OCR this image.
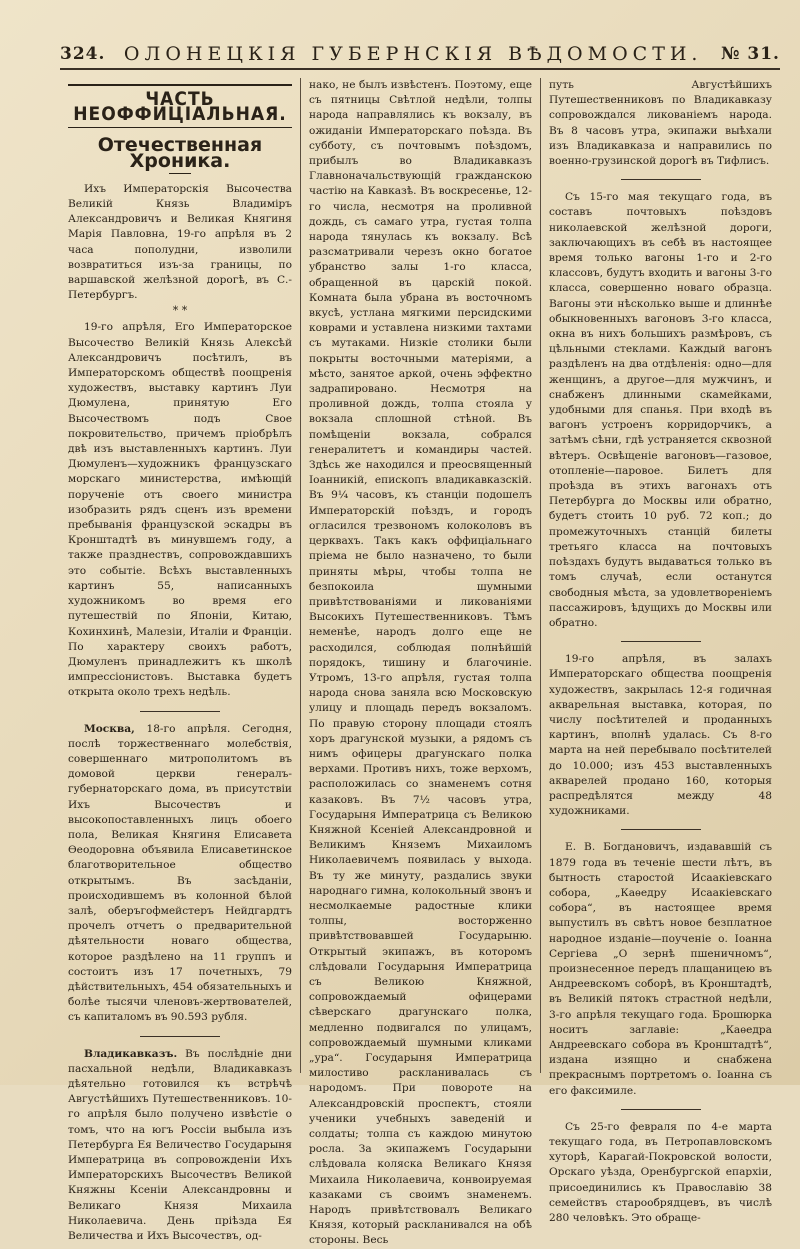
324. ОЛОНЕЦКIЯ ГУБЕРНСКIЯ ВѢДОМОСТИ. № 31.
ЧАСТЬ НЕОФФИЦIАЛЬНАЯ.
Отечественная Хроника.

Ихъ Императорскія Высочества Великій Князь Владиміръ Александровичъ и Великая Княгиня Марія Павловна, 19-го апрѣля въ 2 часа пополудни, изволили возвратиться изъ-за границы, по варшавской желѣзной дорогѣ, въ С.-Петербургъ.

* *

19-го апрѣля, Его Императорское Высочество Великій Князь Алексѣй Александровичъ посѣтилъ, въ Императорскомъ обществѣ поощренія художествъ, выставку картинъ Луи Дюмулена, принятую Его Высочествомъ подъ Свое покровительство, причемъ пріобрѣлъ двѣ изъ выставленныхъ картинъ. Луи Дюмуленъ—художникъ французскаго морскаго министерства, имѣющій порученіе отъ своего министра изобразить рядъ сценъ изъ времени пребыванія французской эскадры въ Кронштадтѣ въ минувшемъ году, а также празднествъ, сопровождавшихъ это событіе. Всѣхъ выставленныхъ картинъ 55, написанныхъ художникомъ во время его путешествій по Японіи, Китаю, Кохинхинѣ, Малезіи, Италіи и Франціи. По характеру своихъ работъ, Дюмуленъ принадлежитъ къ школѣ импрессіонистовъ. Выставка будетъ открыта около трехъ недѣль.

Москва, 18-го апрѣля. Сегодня, послѣ торжественнаго молебствія, совершеннаго митрополитомъ въ домовой церкви генералъ-губернаторскаго дома, въ присутствіи Ихъ Высочествъ и высокопоставленныхъ лицъ обоего пола, Великая Княгиня Елисавета Ѳеодоровна объявила Елисаветинское благотворительное общество открытымъ. Въ засѣданіи, происходившемъ въ колонной бѣлой залѣ, оберъгофмейстеръ Нейдгардтъ прочелъ отчетъ о предварительной дѣятельности новаго общества, которое раздѣлено на 11 группъ и состоитъ изъ 17 почетныхъ, 79 дѣйствительныхъ, 454 обязательныхъ и болѣе тысячи членовъ-жертвователей, съ капиталомъ въ 90.593 рубля.

Владикавказъ. Въ послѣдніе дни пасхальной недѣли, Владикавказъ дѣятельно готовился къ встрѣчѣ Августѣйшихъ Путешественниковъ. 10-го апрѣля было получено извѣстіе о томъ, что на югъ Россіи выбыла изъ Петербурга Ея Величество Государыня Императрица въ сопровожденіи Ихъ Императорскихъ Высочествъ Великой Княжны Ксеніи Александровны и Великаго Князя Михаила Николаевича. День пріѣзда Ея Величества и Ихъ Высочествъ, од-

нако, не былъ извѣстенъ. Поэтому, еще съ пятницы Свѣтлой недѣли, толпы народа направлялись къ вокзалу, въ ожиданіи Императорскаго поѣзда. Въ субботу, съ почтовымъ поѣздомъ, прибылъ во Владикавказъ Главноначальствующій гражданскою частію на Кавказѣ. Въ воскресенье, 12-го числа, несмотря на проливной дождь, съ самаго утра, густая толпа народа тянулась къ вокзалу. Всѣ разсматривали черезъ окно богатое убранство залы 1-го класса, обращенной въ царскій покой. Комната была убрана въ восточномъ вкусѣ, устлана мягкими персидскими коврами и уставлена низкими тахтами съ мутаками. Низкіе столики были покрыты восточными матеріями, а мѣсто, занятое аркой, очень эффектно задрапировано. Несмотря на проливной дождь, толпа стояла у вокзала сплошной стѣной. Въ помѣщеніи вокзала, собрался генералитетъ и командиры частей. Здѣсь же находился и преосвященный Іоанникій, епископъ владикавказскій. Въ 9¼ часовъ, къ станціи подошелъ Императорскій поѣздъ, и городъ огласился трезвономъ колоколовъ въ церквахъ. Такъ какъ оффиціальнаго пріема не было назначено, то были приняты мѣры, чтобы толпа не безпокоила шумными привѣтствованіями и ликованіями Высокихъ Путешественниковъ. Тѣмъ неменѣе, народъ долго еще не расходился, соблюдая полнѣйшій порядокъ, тишину и благочиніе. Утромъ, 13-го апрѣля, густая толпа народа снова заняла всю Московскую улицу и площадь передъ вокзаломъ. По правую сторону площади стоялъ хоръ драгунской музыки, а рядомъ съ нимъ офицеры драгунскаго полка верхами. Противъ нихъ, тоже верхомъ, расположилась со знаменемъ сотня казаковъ. Въ 7½ часовъ утра, Государыня Императрица съ Великою Княжной Ксеніей Александровной и Великимъ Княземъ Михаиломъ Николаевичемъ появилась у выхода. Въ ту же минуту, раздались звуки народнаго гимна, колокольный звонъ и несмолкаемые радостные клики толпы, восторженно привѣтствовавшей Государыню. Открытый экипажъ, въ которомъ слѣдовали Государыня Императрица съ Великою Княжной, сопровождаемый офицерами сѣверскаго драгунскаго полка, медленно подвигался по улицамъ, сопровождаемый шумными кликами „ура“. Государыня Императрица милостиво раскланивалась съ народомъ. При повороте на Александровскій проспектъ, стояли ученики учебныхъ заведеній и солдаты; толпа съ каждою минутою росла. За экипажемъ Государыни слѣдовала коляска Великаго Князя Михаила Николаевича, конвоируемая казаками съ своимъ знаменемъ. Народъ привѣтствовалъ Великаго Князя, который раскланивался на обѣ стороны. Весь

путь Августѣйшихъ Путешественниковъ по Владикавказу сопровождался ликованіемъ народа. Въ 8 часовъ утра, экипажи выѣхали изъ Владикавказа и направились по военно-грузинской дорогѣ въ Тифлисъ.

Съ 15-го мая текущаго года, въ составъ почтовыхъ поѣздовъ николаевской желѣзной дороги, заключающихъ въ себѣ въ настоящее время только вагоны 1-го и 2-го классовъ, будутъ входить и вагоны 3-го класса, совершенно новаго образца. Вагоны эти нѣсколько выше и длиннѣе обыкновенныхъ вагоновъ 3-го класса, окна въ нихъ большихъ размѣровъ, съ цѣльными стеклами. Каждый вагонъ раздѣленъ на два отдѣленія: одно—для женщинъ, а другое—для мужчинъ, и снабженъ длинными скамейками, удобными для спанья. При входѣ въ вагонъ устроенъ корридорчикъ, а затѣмъ сѣни, гдѣ устраняется сквозной вѣтеръ. Освѣщеніе вагоновъ—газовое, отопленіе—паровое. Билетъ для проѣзда въ этихъ вагонахъ отъ Петербурга до Москвы или обратно, будетъ стоить 10 руб. 72 коп.; до промежуточныхъ станцій билеты третьяго класса на почтовыхъ поѣздахъ будутъ выдаваться только въ томъ случаѣ, если останутся свободныя мѣста, за удовлетвореніемъ пассажировъ, ѣдущихъ до Москвы или обратно.

19-го апрѣля, въ залахъ Императорскаго общества поощренія художествъ, закрылась 12-я годичная акварельная выставка, которая, по числу посѣтителей и проданныхъ картинъ, вполнѣ удалась. Съ 8-го марта на ней перебывало посѣтителей до 10.000; изъ 453 выставленныхъ акварелей продано 160, которыя распредѣлятся между 48 художниками.

Е. В. Богдановичъ, издававшій съ 1879 года въ теченіе шести лѣтъ, въ бытность старостой Исаакіевскаго собора, „Каѳедру Исаакіевскаго собора“, въ настоящее время выпустилъ въ свѣтъ новое безплатное народное изданіе—поученіе о. Іоанна Сергіева „О зернѣ пшеничномъ“, произнесенное передъ плащаницею въ Андреевскомъ соборѣ, въ Кронштадтѣ, въ Великій пятокъ страстной недѣли, 3-го апрѣля текущаго года. Брошюрка носитъ заглавіе: „Каѳедра Андреевскаго собора въ Кронштадтѣ“, издана изящно и снабжена прекраснымъ портретомъ о. Іоанна съ его факсимиле.

Съ 25-го февраля по 4-е марта текущаго года, въ Петропавловскомъ хуторѣ, Карагай-Покровской волости, Орскаго уѣзда, Оренбургской епархіи, присоединились къ Православію 38 семействъ старообрядцевъ, въ числѣ 280 человѣкъ. Это обраще-
